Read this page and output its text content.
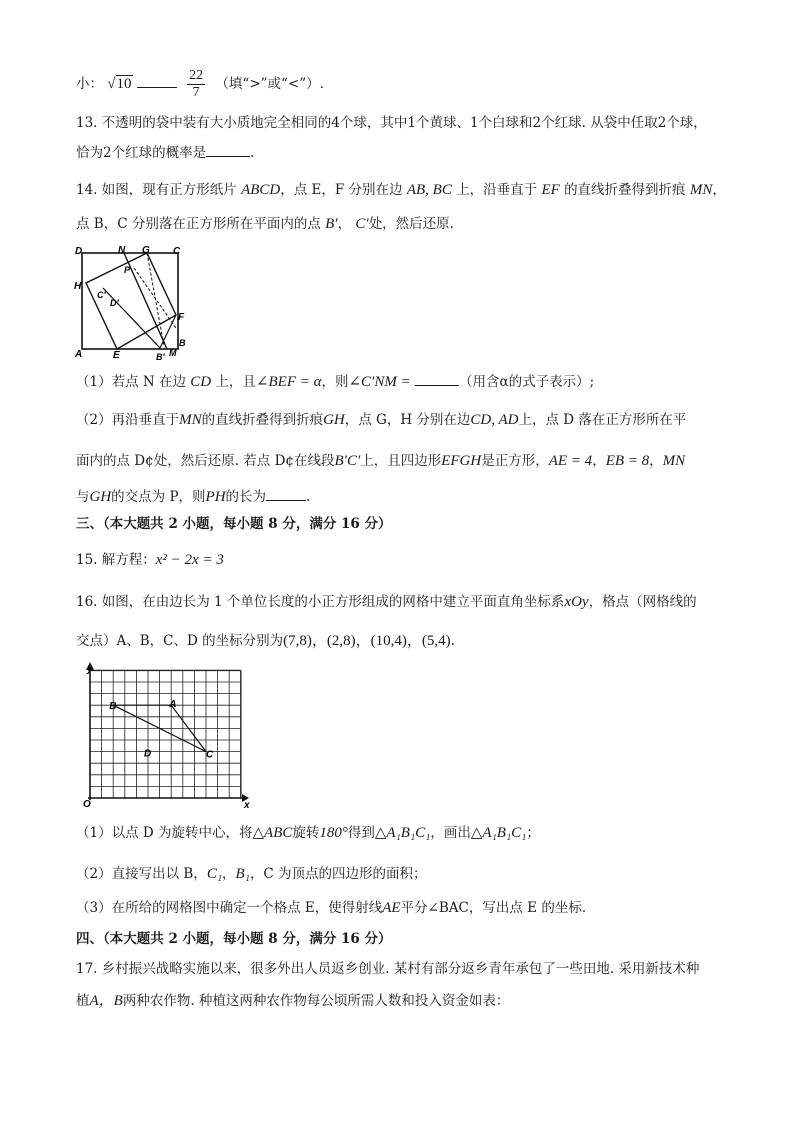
小： √10	$\frac{22}{7}$ （填“>”或“<”）.
13. 不透明的袋中装有大小质地完全相同的4个球，其中1个黄球、1个白球和2个红球. 从袋中任取2个球，
恰为2个红球的概率是	.
14. 如图，现有正方形纸片 ABCD，点 E，F 分别在边 AB, BC 上，沿垂直于 EF 的直线折叠得到折痕 MN，
点 B，C 分别落在正方形所在平面内的点 B′， C′处，然后还原.
D	N G C
P
H
C′
D′
F
B
A	E	B′ M
（1）若点 N 在边 CD 上，且∠BEF = α，则∠C′NM =	（用含α的式子表示）;
（2）再沿垂直于MN的直线折叠得到折痕GH，点 G，H 分别在边CD, AD上，点 D 落在正方形所在平
面内的点 D¢处，然后还原. 若点 D¢在线段B′C′上，且四边形EFGH是正方形，AE = 4，EB = 8，MN
与GH的交点为 P，则PH的长为	.
三、（本大题共 2 小题，每小题 8 分，满分 16 分）
15. 解方程：x² − 2x = 3
16. 如图，在由边长为 1 个单位长度的小正方形组成的网格中建立平面直角坐标系xOy，格点（网格线的
交点）A、B，C、D 的坐标分别为(7,8)，(2,8)，(10,4)，(5,4).
y
x
O
A
B
C
D
（1）以点 D 为旋转中心，将△ABC旋转180°得到△A₁B₁C₁，画出△A₁B₁C₁；
（2）直接写出以 B，C₁，B₁，C 为顶点的四边形的面积；
（3）在所给的网格图中确定一个格点 E，使得射线AE平分∠BAC，写出点 E 的坐标.
四、（本大题共 2 小题，每小题 8 分，满分 16 分）
17. 乡村振兴战略实施以来，很多外出人员返乡创业. 某村有部分返乡青年承包了一些田地. 采用新技术种
植A，B两种农作物. 种植这两种农作物每公顷所需人数和投入资金如表：
